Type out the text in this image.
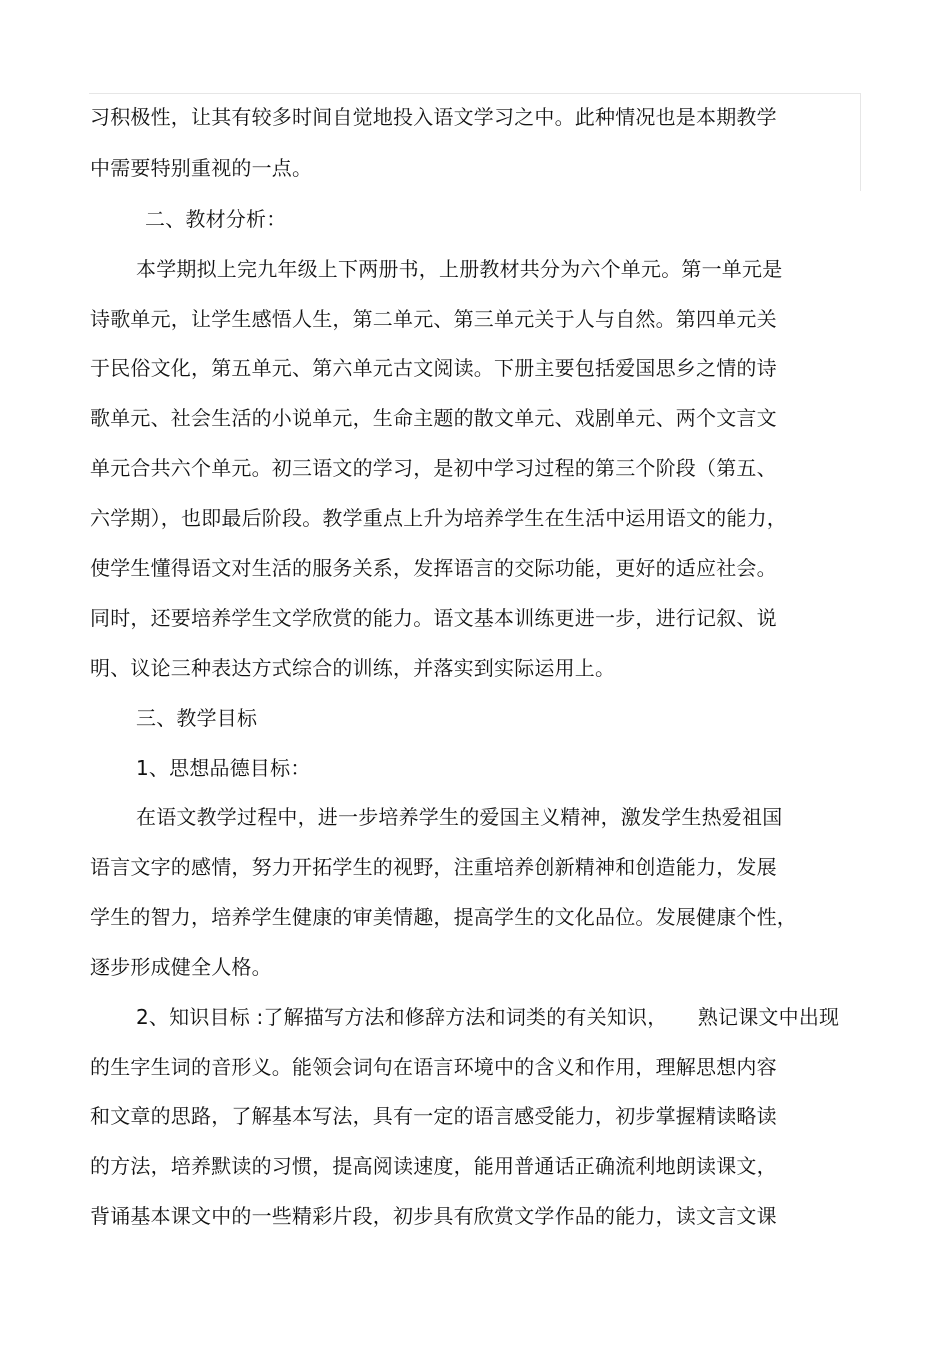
习积极性，让其有较多时间自觉地投入语文学习之中。此种情况也是本期教学
中需要特别重视的一点。
二、教材分析：
本学期拟上完九年级上下两册书，上册教材共分为六个单元。第一单元是
诗歌单元，让学生感悟人生，第二单元、第三单元关于人与自然。第四单元关
于民俗文化，第五单元、第六单元古文阅读。下册主要包括爱国思乡之情的诗
歌单元、社会生活的小说单元，生命主题的散文单元、戏剧单元、两个文言文
单元合共六个单元。初三语文的学习，是初中学习过程的第三个阶段（第五、
六学期），也即最后阶段。教学重点上升为培养学生在生活中运用语文的能力，
使学生懂得语文对生活的服务关系，发挥语言的交际功能，更好的适应社会。
同时，还要培养学生文学欣赏的能力。语文基本训练更进一步，进行记叙、说
明、议论三种表达方式综合的训练，并落实到实际运用上。
三、教学目标
1、思想品德目标：
在语文教学过程中，进一步培养学生的爱国主义精神，激发学生热爱祖国
语言文字的感情，努力开拓学生的视野，注重培养创新精神和创造能力，发展
学生的智力，培养学生健康的审美情趣，提高学生的文化品位。发展健康个性，
逐步形成健全人格。
2、知识目标 :了解描写方法和修辞方法和词类的有关知识，　　熟记课文中出现
的生字生词的音形义。能领会词句在语言环境中的含义和作用，理解思想内容
和文章的思路，了解基本写法，具有一定的语言感受能力，初步掌握精读略读
的方法，培养默读的习惯，提高阅读速度，能用普通话正确流利地朗读课文，
背诵基本课文中的一些精彩片段，初步具有欣赏文学作品的能力，读文言文课
